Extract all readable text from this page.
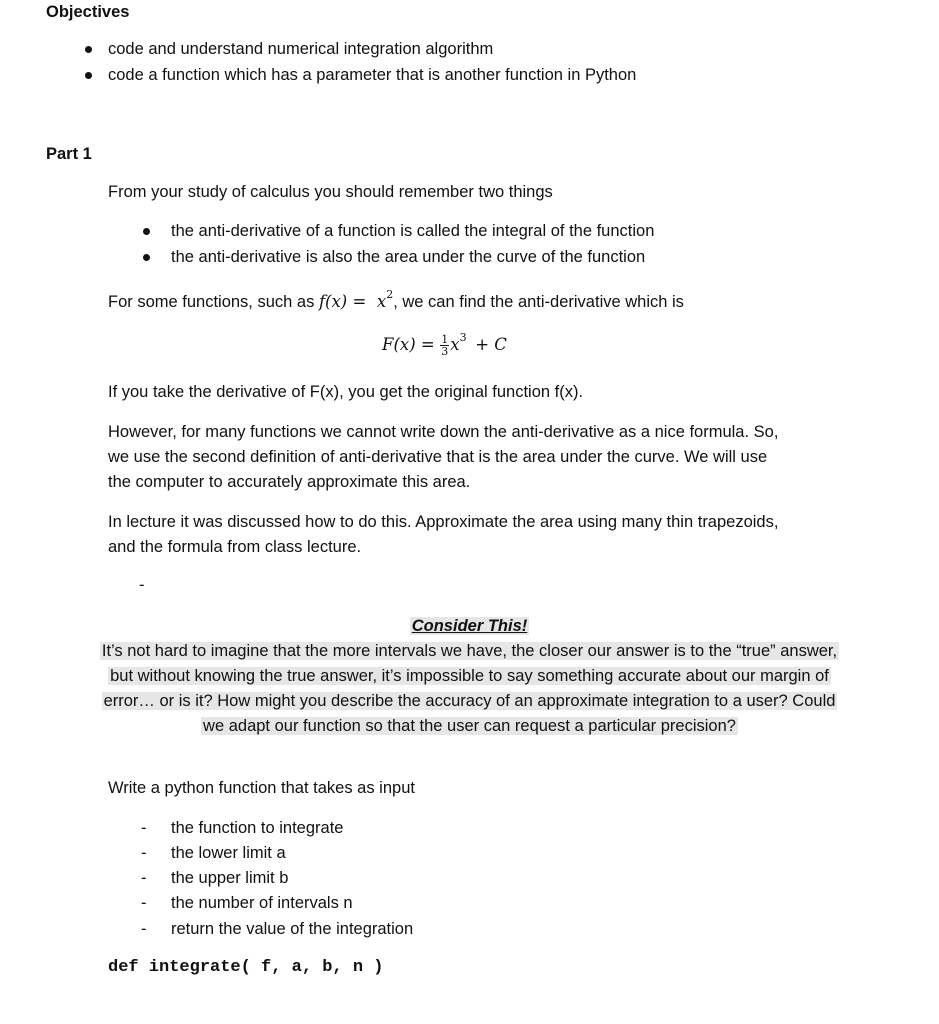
Objectives
code and understand numerical integration algorithm
code a function which has a parameter that is another function in Python
Part 1
From your study of calculus you should remember two things
the anti-derivative of a function is called the integral of the function
the anti-derivative is also the area under the curve of the function
For some functions, such as $f(x) = x^2$, we can find the anti-derivative which is
$F(x) = \frac{1}{3} x^3 + C$
If you take the derivative of F(x), you get the original function f(x).
However, for many functions we cannot write down the anti-derivative as a nice formula. So,
we use the second definition of anti-derivative that is the area under the curve. We will use
the computer to accurately approximate this area.
In lecture it was discussed how to do this. Approximate the area using many thin trapezoids,
and the formula from class lecture.
-
Consider This!
It’s not hard to imagine that the more intervals we have, the closer our answer is to the “true” answer,
but without knowing the true answer, it’s impossible to say something accurate about our margin of
error… or is it? How might you describe the accuracy of an approximate integration to a user? Could
we adapt our function so that the user can request a particular precision?
Write a python function that takes as input
- the function to integrate
- the lower limit a
- the upper limit b
- the number of intervals n
- return the value of the integration
def integrate( f, a, b, n )
